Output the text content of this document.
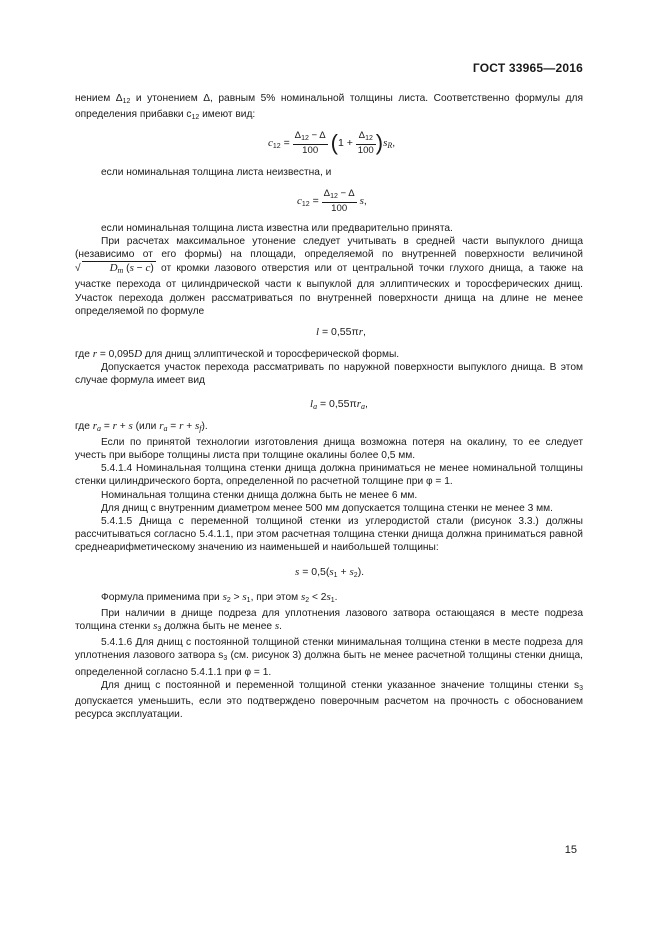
ГОСТ 33965—2016

нением $\Delta_{12}$ и утонением Δ, равным 5% номинальной толщины листа. Соответственно формулы для определения прибавки $c_{12}$ имеют вид:

$c_{12} = \frac{\Delta_{12} - \Delta}{100} (1 + \frac{\Delta_{12}}{100} )s_R$,

если номинальная толщина листа неизвестна, и

$c_{12} = \frac{\Delta_{12} - \Delta}{100} s$,

если номинальная толщина листа известна или предварительно принята.

При расчетах максимальное утонение следует учитывать в средней части выпуклого днища (независимо от его формы) на площади, определяемой по внутренней поверхности величиной √	$D_m$ (s − c) от кромки лазового отверстия или от центральной точки глухого днища, а также на участке перехода от цилиндрической части к выпуклой для эллиптических и торосферических днищ. Участок перехода должен рассматриваться по внутренней поверхности днища на длине не менее определяемой по формуле

l = 0,55πr,

где r = 0,095D для днищ эллиптической и торосферической формы.

Допускается участок перехода рассматривать по наружной поверхности выпуклого днища. В этом случае формула имеет вид

$l_a = 0,55\pi r_a$,

где $r_a = r + s$ (или $r_a = r + s_f$).

Если по принятой технологии изготовления днища возможна потеря на окалину, то ее следует учесть при выборе толщины листа при толщине окалины более 0,5 мм.

5.4.1.4 Номинальная толщина стенки днища должна приниматься не менее номинальной толщины стенки цилиндрического борта, определенной по расчетной толщине при φ = 1.

Номинальная толщина стенки днища должна быть не менее 6 мм.

Для днищ с внутренним диаметром менее 500 мм допускается толщина стенки не менее 3 мм.

5.4.1.5 Днища с переменной толщиной стенки из углеродистой стали (рисунок 3.3.) должны рассчитываться согласно 5.4.1.1, при этом расчетная толщина стенки днища должна приниматься равной среднеарифметическому значению из наименьшей и наибольшей толщины:

$s = 0,5(s_1 + s_2)$.

Формула применима при $s_2 > s_1$, при этом $s_2 < 2s_1$.

При наличии в днище подреза для уплотнения лазового затвора остающаяся в месте подреза толщина стенки $s_3$ должна быть не менее s.

5.4.1.6 Для днищ с постоянной толщиной стенки минимальная толщина стенки в месте подреза для уплотнения лазового затвора $s_3$ (см. рисунок 3) должна быть не менее расчетной толщины стенки днища, определенной согласно 5.4.1.1 при φ = 1.

Для днищ с постоянной и переменной толщиной стенки указанное значение толщины стенки $s_3$ допускается уменьшить, если это подтверждено поверочным расчетом на прочность с обоснованием ресурса эксплуатации.

15
